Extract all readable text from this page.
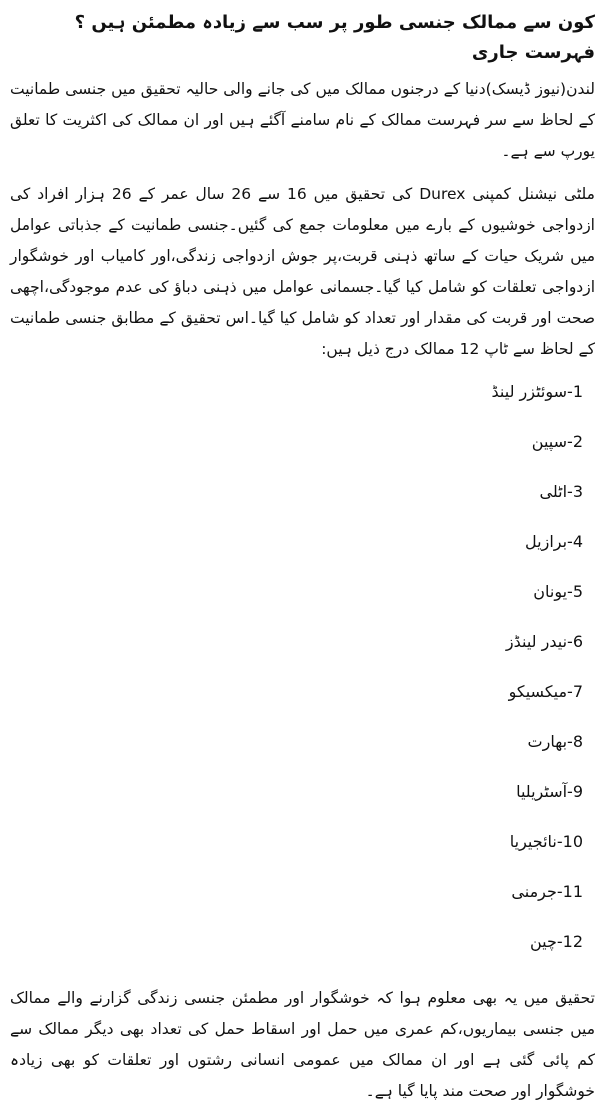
کون سے ممالک جنسی طور پر سب سے زیادہ مطمئن ہیں ؟فہرست جاری

لندن(نیوز ڈیسک)دنیا کے درجنوں ممالک میں کی جانے والی حالیہ تحقیق میں جنسی طمانیت کے لحاظ سے سر فہرست ممالک کے نام سامنے آگئے ہیں اور ان ممالک کی اکثریت کا تعلق یورپ سے ہے۔

ملٹی نیشنل کمپنی Durex کی تحقیق میں 16 سے 26 سال عمر کے 26 ہزار افراد کی ازدواجی خوشیوں کے بارے میں معلومات جمع کی گئیں۔جنسی طمانیت کے جذباتی عوامل میں شریک حیات کے ساتھ ذہنی قربت،پر جوش ازدواجی زندگی،اور کامیاب اور خوشگوار ازدواجی تعلقات کو شامل کیا گیا۔جسمانی عوامل میں ذہنی دباؤ کی عدم موجودگی،اچھی صحت اور قربت کی مقدار اور تعداد کو شامل کیا گیا۔اس تحقیق کے مطابق جنسی طمانیت کے لحاظ سے ٹاپ 12 ممالک درج ذیل ہیں:

-1سوئٹزر لینڈ
-2سپین
-3اٹلی
-4برازیل
-5یونان
-6نیدر لینڈز
-7میکسیکو
-8بھارت
-9آسٹریلیا
-10نائجیریا
-11جرمنی
-12چین

تحقیق میں یہ بھی معلوم ہوا کہ خوشگوار اور مطمئن جنسی زندگی گزارنے والے ممالک میں جنسی بیماریوں،کم عمری میں حمل اور اسقاط حمل کی تعداد بھی دیگر ممالک سے کم پائی گئی ہے اور ان ممالک میں عمومی انسانی رشتوں اور تعلقات کو بھی زیادہ خوشگوار اور صحت مند پایا گیا ہے۔
